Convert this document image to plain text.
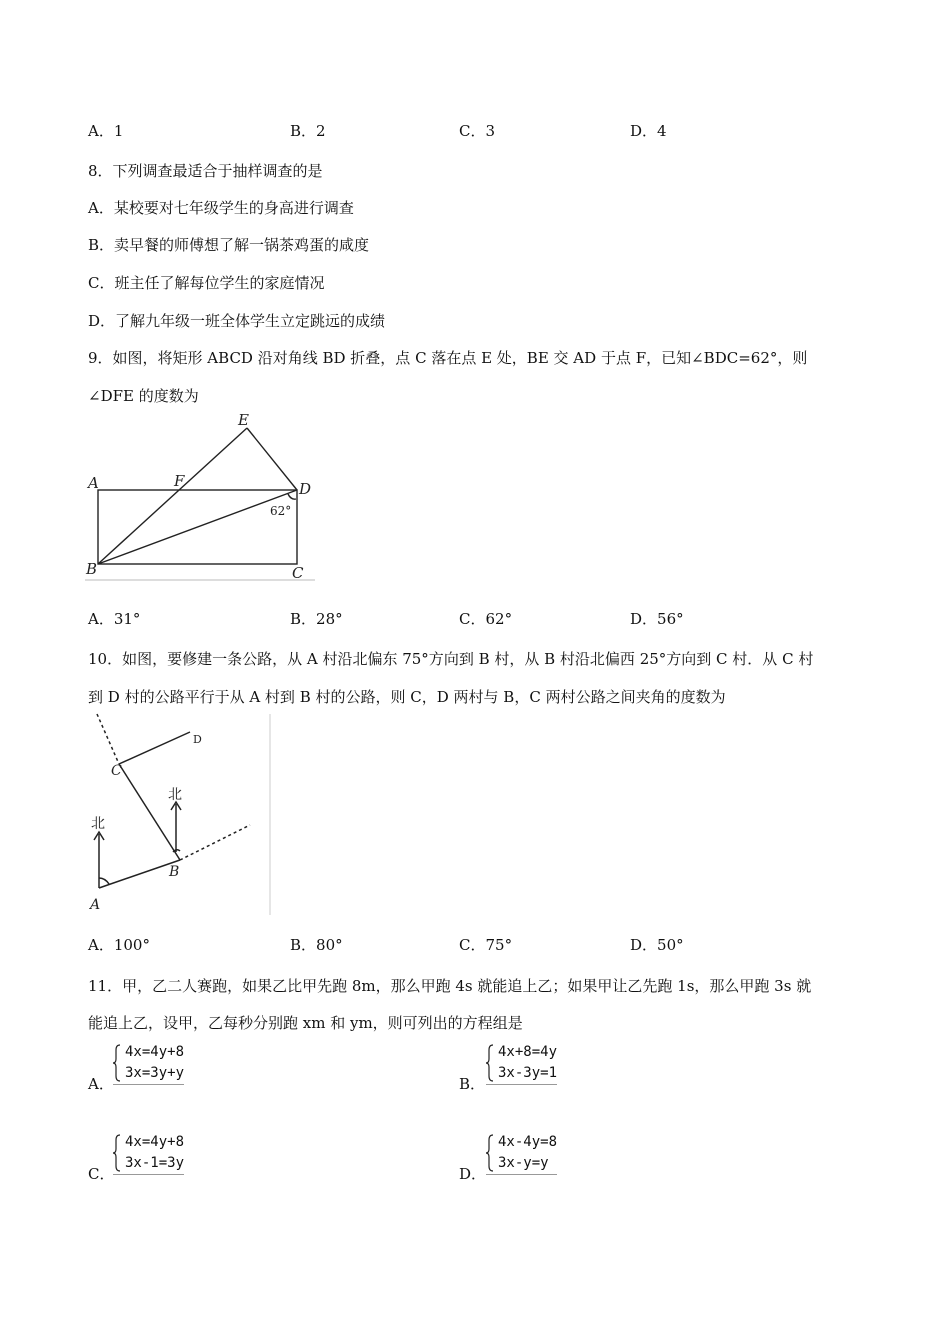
A．1	B．2	C．3	D．4
8．下列调查最适合于抽样调查的是
A．某校要对七年级学生的身高进行调查
B．卖早餐的师傅想了解一锅茶鸡蛋的咸度
C．班主任了解每位学生的家庭情况
D．了解九年级一班全体学生立定跳远的成绩
9．如图，将矩形 ABCD 沿对角线 BD 折叠，点 C 落在点 E 处，BE 交 AD 于点 F，已知∠BDC=62°，则
∠DFE 的度数为
E
A	F	D
B	C
62°
A．31°	B．28°	C．62°	D．56°
10．如图，要修建一条公路，从 A 村沿北偏东 75°方向到 B 村，从 B 村沿北偏西 25°方向到 C 村．从 C 村
到 D 村的公路平行于从 A 村到 B 村的公路，则 C，D 两村与 B，C 两村公路之间夹角的度数为
C
D
B
A
北
北
A．100°	B．80°	C．75°	D．50°
11．甲，乙二人赛跑，如果乙比甲先跑 8m，那么甲跑 4s 就能追上乙；如果甲让乙先跑 1s，那么甲跑 3s 就
能追上乙，设甲，乙每秒分别跑 xm 和 ym，则可列出的方程组是
A．
4x=4y+8
3x=3y+y
B．
4x+8=4y
3x-3y=1
C．
4x=4y+8
3x-1=3y
D．
4x-4y=8
3x-y=y
